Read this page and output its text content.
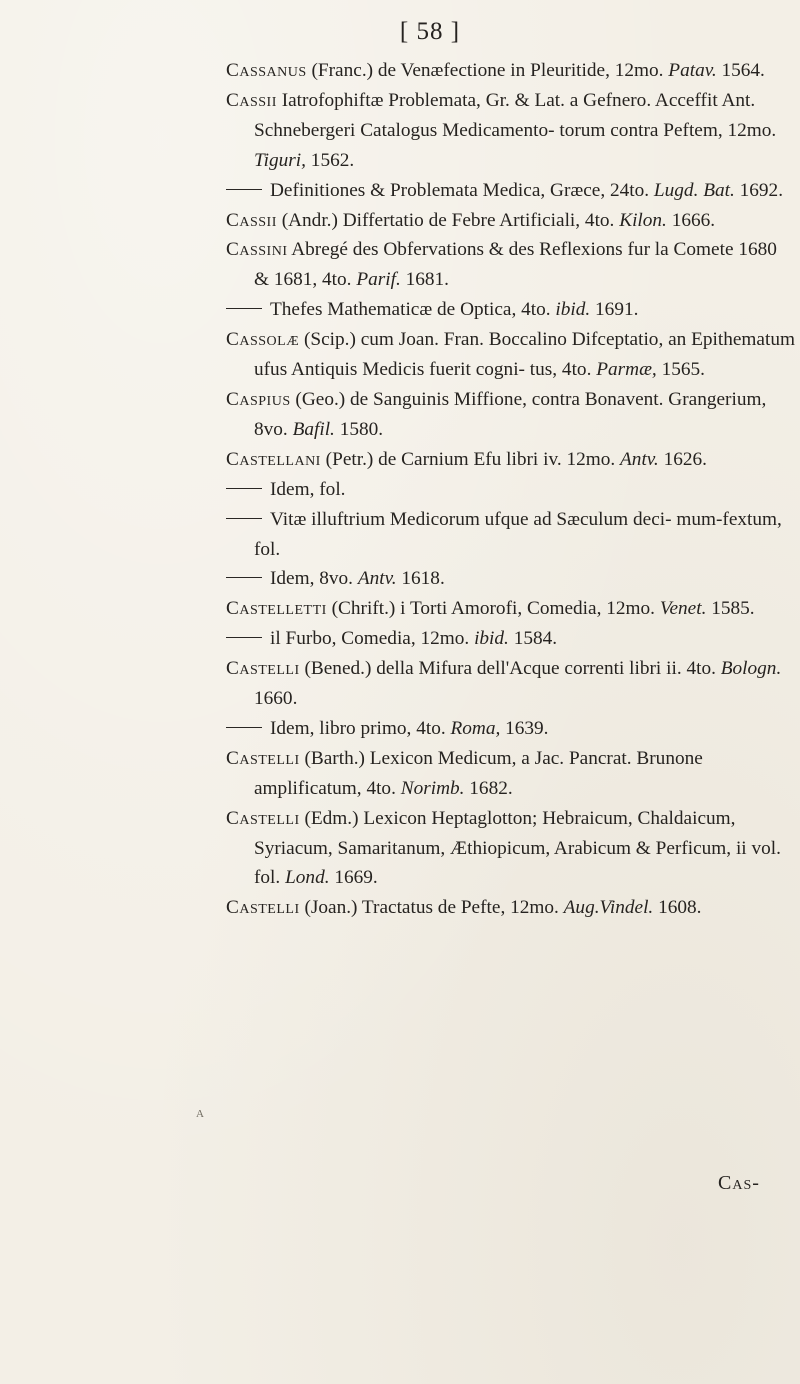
[ 58 ]
A

Cassanus (Franc.) de Venæfectione in Pleuritide, 12mo. Patav. 1564.

Cassii Iatrofophiftæ Problemata, Gr. & Lat. a Gefnero. Acceffit Ant. Schnebergeri Catalogus Medicamento- torum contra Peftem, 12mo. Tiguri, 1562.

Definitiones & Problemata Medica, Græce, 24to. Lugd. Bat. 1692.

Cassii (Andr.) Differtatio de Febre Artificiali, 4to. Kilon. 1666.

Cassini Abregé des Obfervations & des Reflexions fur la Comete 1680 & 1681, 4to. Parif. 1681.

Thefes Mathematicæ de Optica, 4to. ibid. 1691.

Cassolæ (Scip.) cum Joan. Fran. Boccalino Difceptatio, an Epithematum ufus Antiquis Medicis fuerit cogni- tus, 4to. Parmæ, 1565.

Caspius (Geo.) de Sanguinis Miffione, contra Bonavent. Grangerium, 8vo. Bafil. 1580.

Castellani (Petr.) de Carnium Efu libri iv. 12mo. Antv. 1626.

Idem, fol.

Vitæ illuftrium Medicorum ufque ad Sæculum deci- mum-fextum, fol.

Idem, 8vo. Antv. 1618.

Castelletti (Chrift.) i Torti Amorofi, Comedia, 12mo. Venet. 1585.

il Furbo, Comedia, 12mo. ibid. 1584.

Castelli (Bened.) della Mifura dell'Acque correnti libri ii. 4to. Bologn. 1660.

Idem, libro primo, 4to. Roma, 1639.

Castelli (Barth.) Lexicon Medicum, a Jac. Pancrat. Brunone amplificatum, 4to. Norimb. 1682.

Castelli (Edm.) Lexicon Heptaglotton; Hebraicum, Chaldaicum, Syriacum, Samaritanum, Æthiopicum, Arabicum & Perficum, ii vol. fol. Lond. 1669.

Castelli (Joan.) Tractatus de Pefte, 12mo. Aug.Vindel. 1608.

Cas-
